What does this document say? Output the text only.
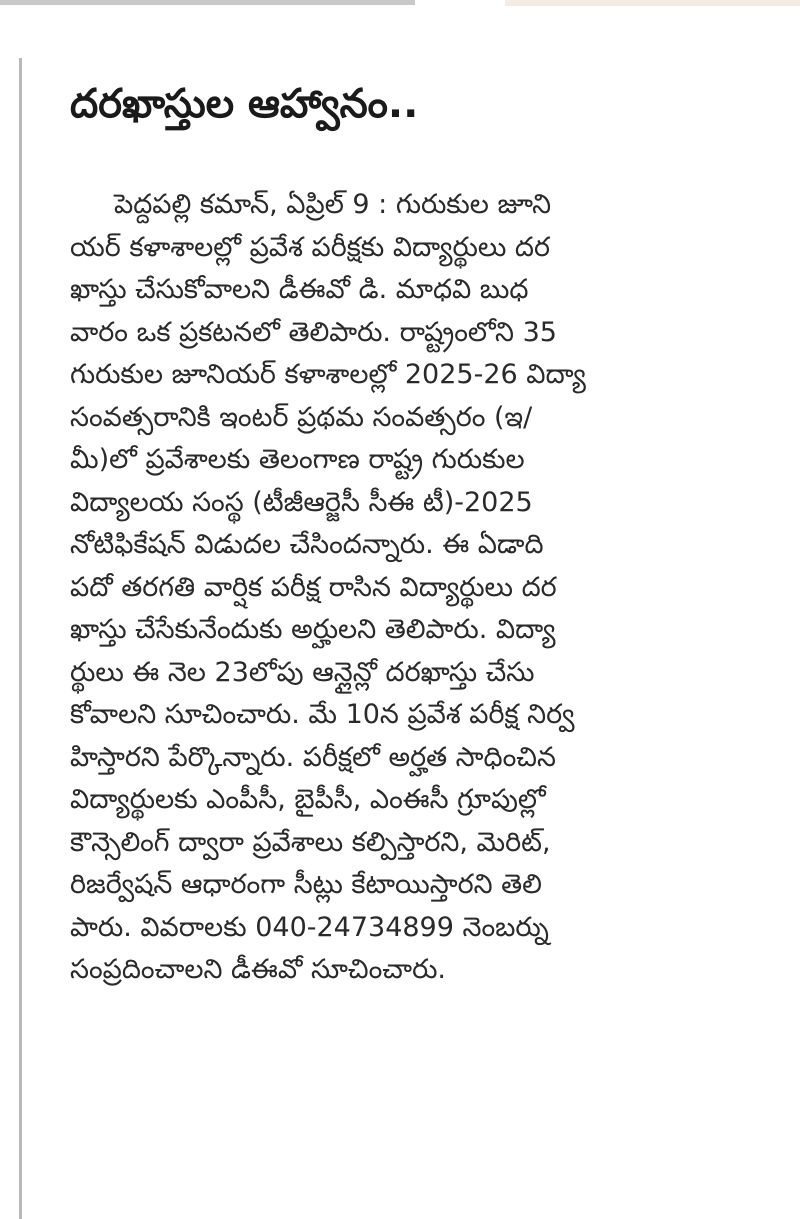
దరఖాస్తుల ఆహ్వానం..
పెద్దపల్లి కమాన్, ఏప్రిల్ 9 : గురుకుల జూని
యర్ కళాశాలల్లో ప్రవేశ పరీక్షకు విద్యార్థులు దర
ఖాస్తు చేసుకోవాలని డీఈవో డి. మాధవి బుధ
వారం ఒక ప్రకటనలో తెలిపారు. రాష్ట్రంలోని 35
గురుకుల జూనియర్ కళాశాలల్లో 2025-26 విద్యా
సంవత్సరానికి ఇంటర్ ప్రథమ సంవత్సరం (ఇ/
మీ)లో ప్రవేశాలకు తెలంగాణ రాష్ట్ర గురుకుల
విద్యాలయ సంస్థ (టీజీఆర్జెసీ సీఈ టీ)-2025
నోటిఫికేషన్ విడుదల చేసిందన్నారు. ఈ ఏడాది
పదో తరగతి వార్షిక పరీక్ష రాసిన విద్యార్థులు దర
ఖాస్తు చేసేకునేందుకు అర్హులని తెలిపారు. విద్యా
ర్థులు ఈ నెల 23లోపు ఆన్లైన్లో దరఖాస్తు చేసు
కోవాలని సూచించారు. మే 10న ప్రవేశ పరీక్ష నిర్వ
హిస్తారని పేర్కొన్నారు. పరీక్షలో అర్హత సాధించిన
విద్యార్థులకు ఎంపీసీ, బైపీసీ, ఎంఈసీ గ్రూపుల్లో
కౌన్సెలింగ్ ద్వారా ప్రవేశాలు కల్పిస్తారని, మెరిట్,
రిజర్వేషన్ ఆధారంగా సీట్లు కేటాయిస్తారని తెలి
పారు. వివరాలకు 040-24734899 నెంబర్ను
సంప్రదించాలని డీఈవో సూచించారు.
